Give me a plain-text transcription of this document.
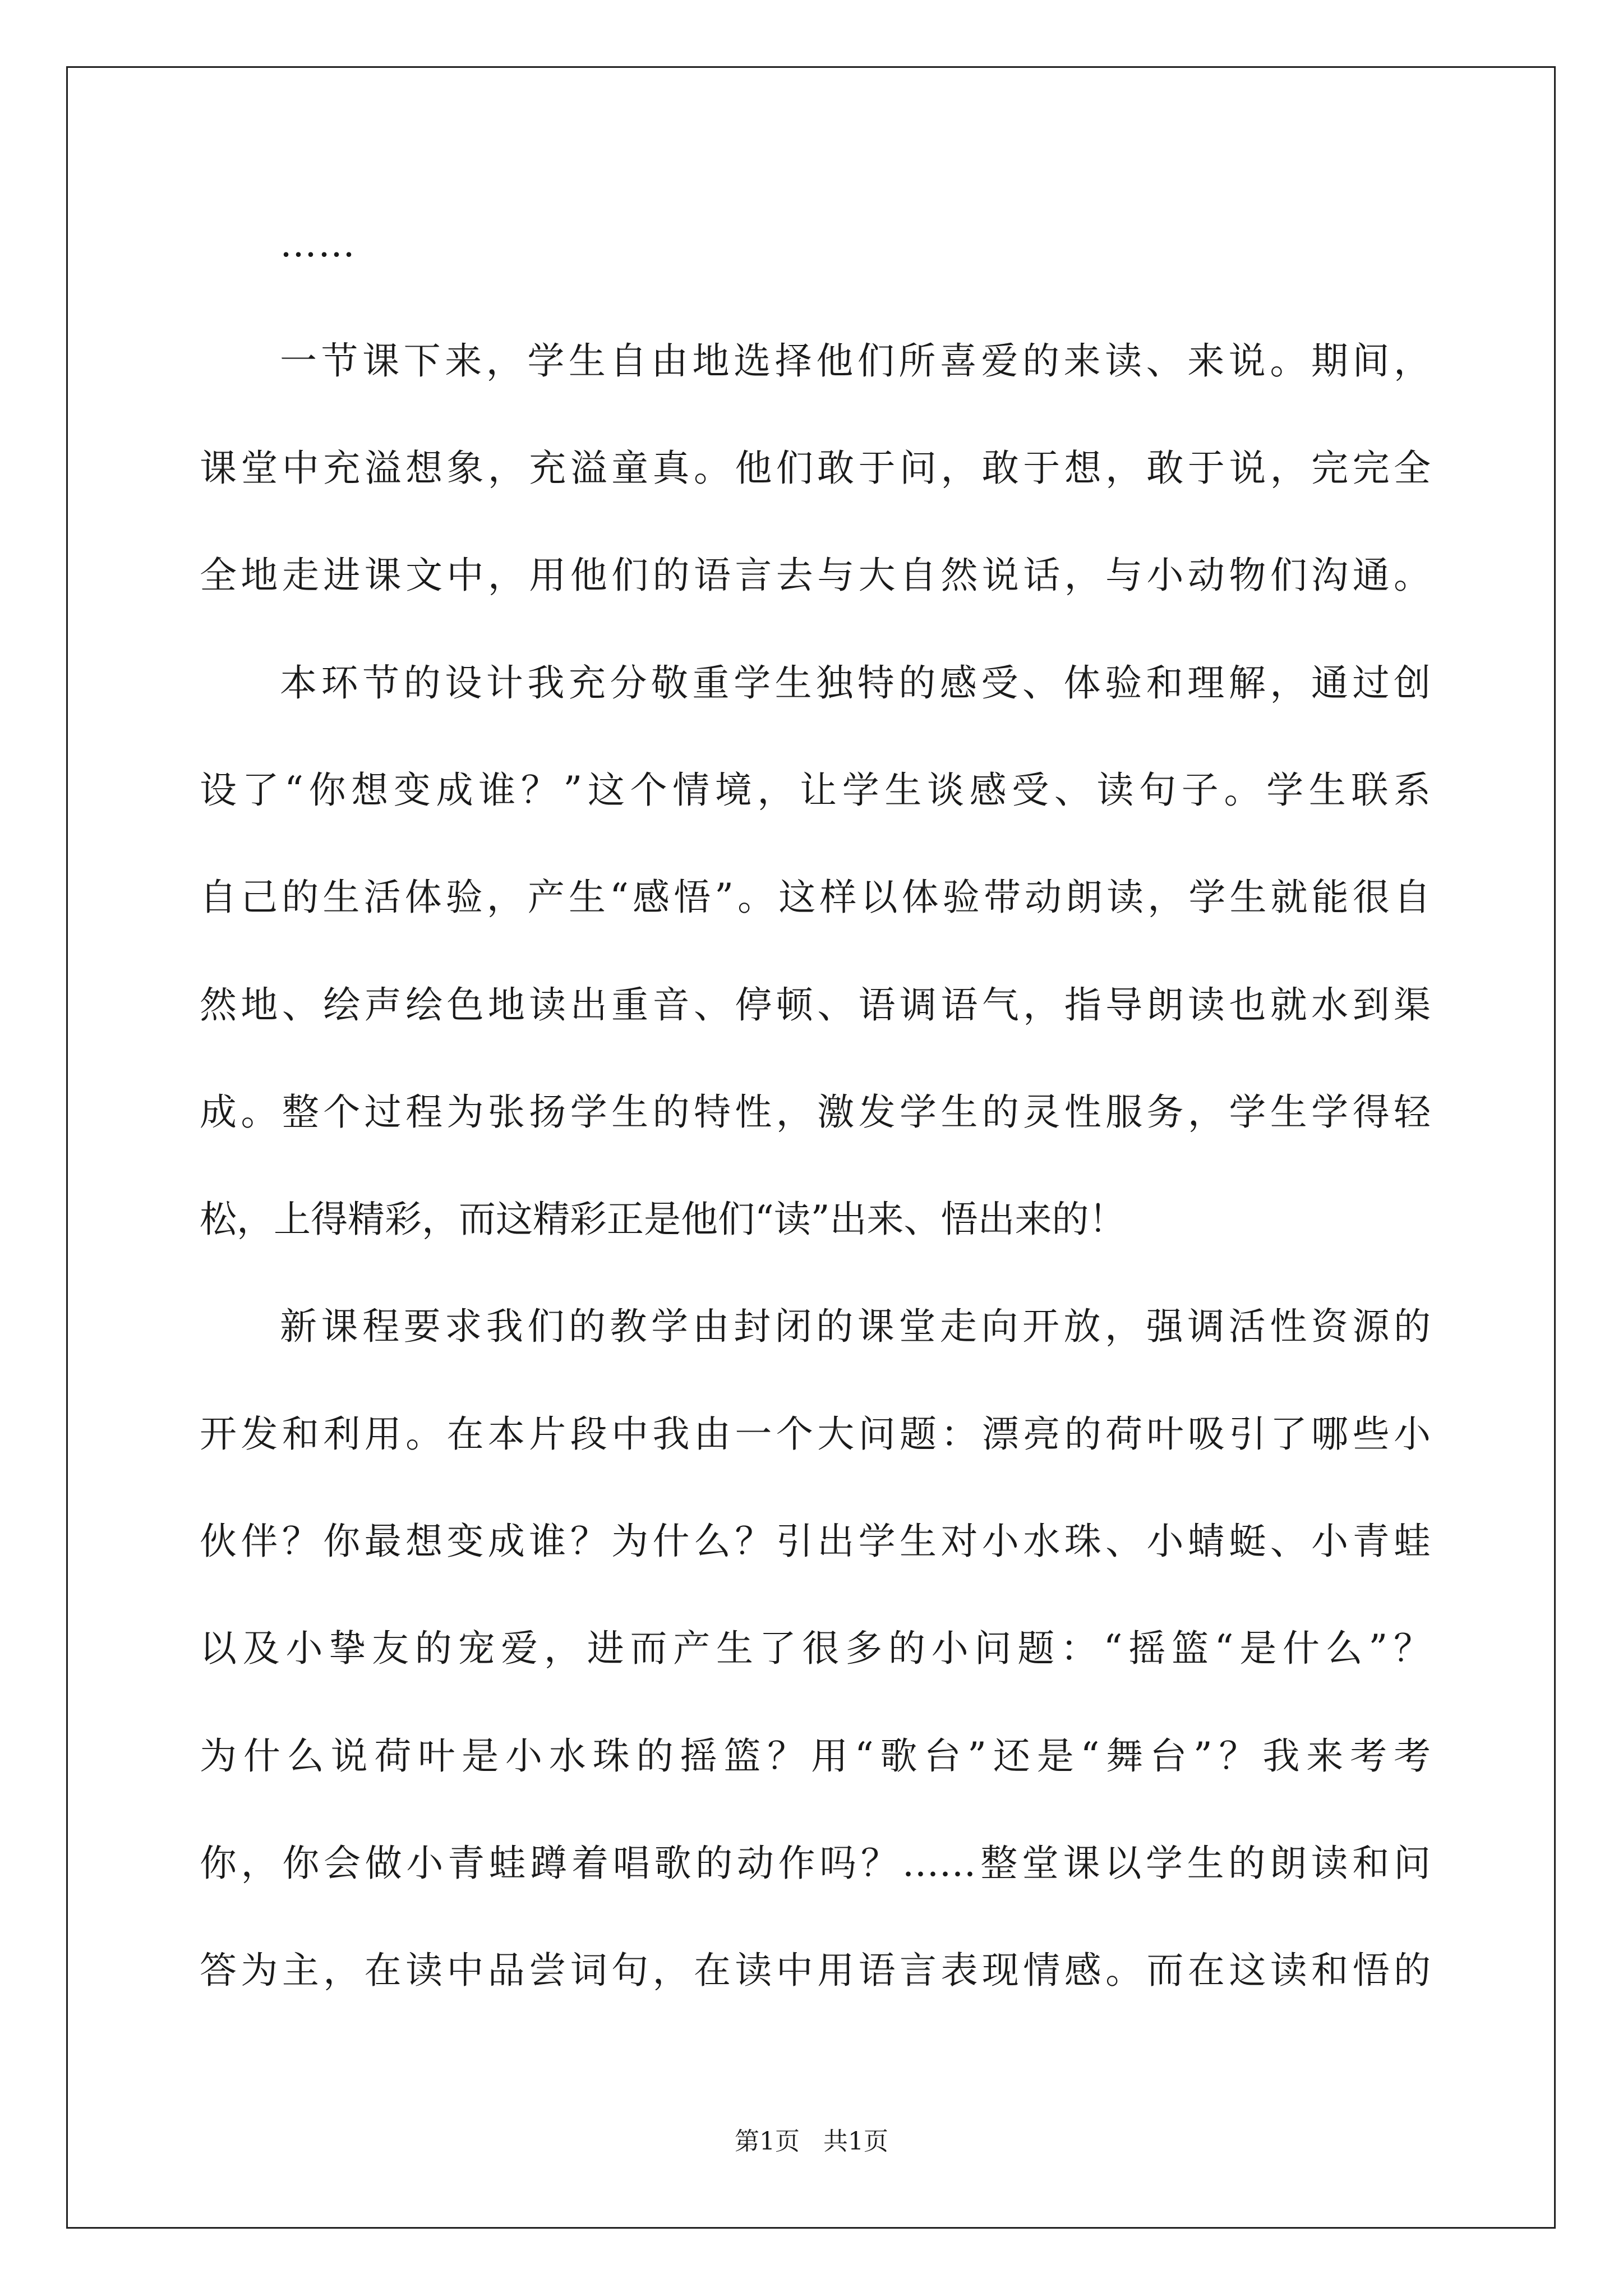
……
一节课下来，学生自由地选择他们所喜爱的来读、来说。期间，
课堂中充溢想象，充溢童真。他们敢于问，敢于想，敢于说，完完全
全地走进课文中，用他们的语言去与大自然说话，与小动物们沟通。
本环节的设计我充分敬重学生独特的感受、体验和理解，通过创
设了“你想变成谁？”这个情境，让学生谈感受、读句子。学生联系
自己的生活体验，产生“感悟”。这样以体验带动朗读，学生就能很自
然地、绘声绘色地读出重音、停顿、语调语气，指导朗读也就水到渠
成。整个过程为张扬学生的特性，激发学生的灵性服务，学生学得轻
松，上得精彩，而这精彩正是他们“读”出来、悟出来的！
新课程要求我们的教学由封闭的课堂走向开放，强调活性资源的
开发和利用。在本片段中我由一个大问题：漂亮的荷叶吸引了哪些小
伙伴？你最想变成谁？为什么？引出学生对小水珠、小蜻蜓、小青蛙
以及小挚友的宠爱，进而产生了很多的小问题：“摇篮“是什么”？
为什么说荷叶是小水珠的摇篮？用“歌台”还是“舞台”？我来考考
你，你会做小青蛙蹲着唱歌的动作吗？……整堂课以学生的朗读和问
答为主，在读中品尝词句，在读中用语言表现情感。而在这读和悟的
第1页 共1页
